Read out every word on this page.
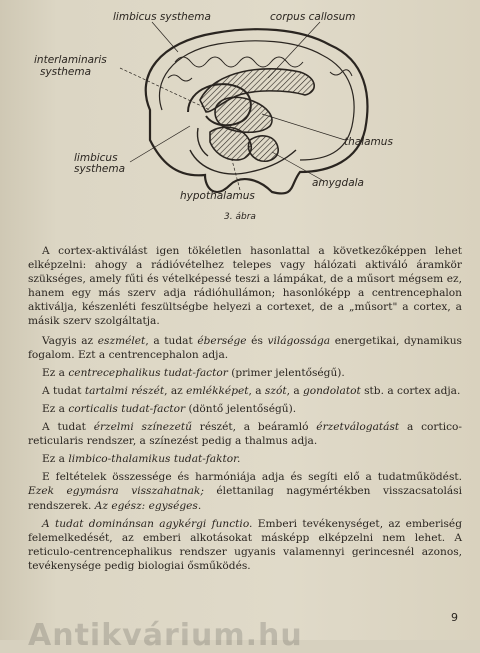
limbicus systhema	corpus callosum
interlaminaris
systhema
thalamus
limbicus
systhema
amygdala
hypothalamus
3. ábra

A cortex-aktiválást igen tökéletlen hasonlattal a következőképpen lehet elképzelni: ahogy a rádióvételhez telepes vagy hálózati aktiváló áramkör szükséges, amely fűti és vételképessé teszi a lámpákat, de a műsort mégsem ez, hanem egy más szerv adja rádióhullámon; hasonlóképp a centrencephalon aktiválja, készenléti feszültségbe helyezi a cortexet, de a „műsort" a cortex, a másik szerv szolgáltatja.

Vagyis az eszmélet, a tudat ébersége és világossága energetikai, dynamikus fogalom. Ezt a centrencephalon adja.

Ez a centrecephalikus tudat-factor (primer jelentőségű).

A tudat tartalmi részét, az emlékképet, a szót, a gondolatot stb. a cortex adja.

Ez a corticalis tudat-factor (döntő jelentőségű).

A tudat érzelmi színezetű részét, a beáramló érzetválogatást a cortico-reticularis rendszer, a színezést pedig a thalmus adja.

Ez a limbico-thalamikus tudat-faktor.

E feltételek összessége és harmóniája adja és segíti elő a tudatműködést. Ezek egymásra visszahatnak; élettanilag nagymértékben visszacsatolási rendszerek. Az egész: egységes.

A tudat dominánsan agykérgi functio. Emberi tevékenységet, az emberiség felemelkedését, az emberi alkotásokat másképp elképzelni nem lehet. A reticulo-centrencephalikus rendszer ugyanis valamennyi gerincesnél azonos, tevékenysége pedig biologiai ősműködés.

9
Antikvárium.hu
